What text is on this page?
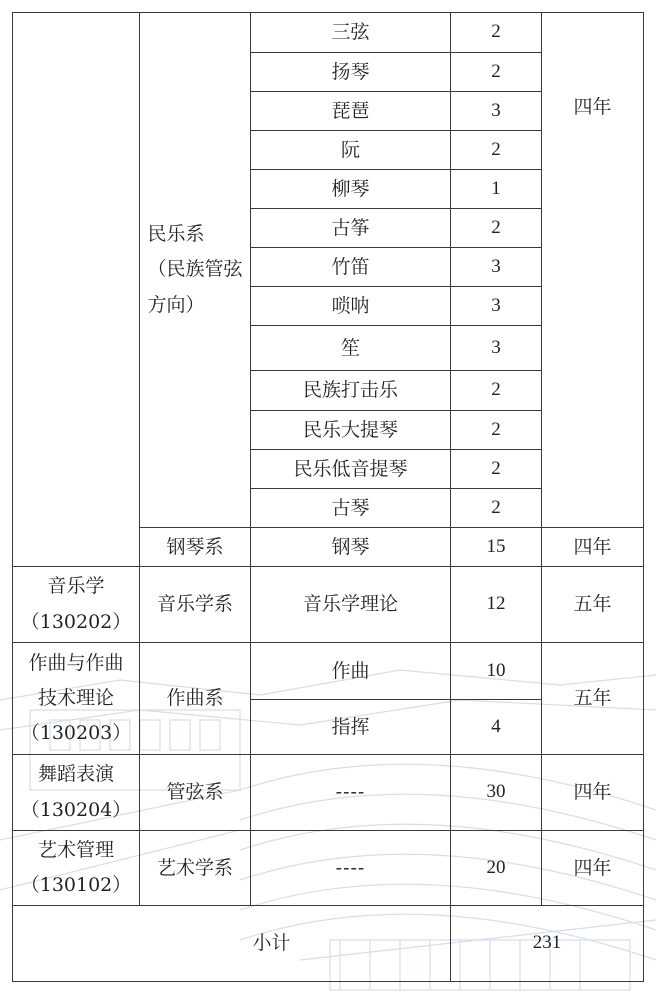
	民乐系
（民族管弦
方向）	三弦	2	四年
		扬琴	2	
		琵琶	3	
		阮	2	
		柳琴	1	
		古筝	2	
		竹笛	3	
		唢呐	3	
		笙	3	
		民族打击乐	2	
		民乐大提琴	2	
		民乐低音提琴	2	
		古琴	2	
	钢琴系	钢琴	15	四年

音乐学
（130202）	音乐学系	音乐学理论	12	五年

作曲与作曲
技术理论
（130203）	作曲系	作曲	10	五年
		指挥	4	

舞蹈表演
（130204）	管弦系	----	30	四年

艺术管理
（130102）	艺术学系	----	20	四年
小计			231	
